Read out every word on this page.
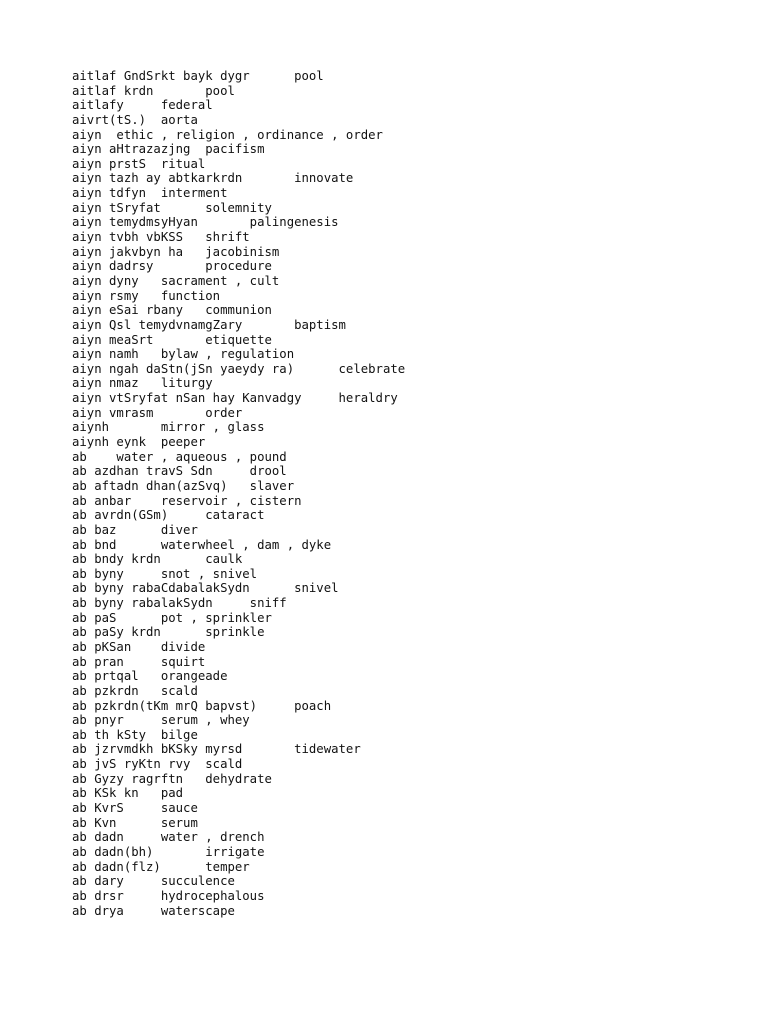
aitlaf GndSrkt bayk dygr      pool
aitlaf krdn       pool
aitlafy     federal
aivrt(tS.)  aorta
aiyn  ethic , religion , ordinance , order
aiyn aHtrazazjng  pacifism
aiyn prstS  ritual
aiyn tazh ay abtkarkrdn       innovate
aiyn tdfyn  interment
aiyn tSryfat      solemnity
aiyn temydmsyHyan       palingenesis
aiyn tvbh vbKSS   shrift
aiyn jakvbyn ha   jacobinism
aiyn dadrsy       procedure
aiyn dyny   sacrament , cult
aiyn rsmy   function
aiyn eSai rbany   communion
aiyn Qsl temydvnamgZary       baptism
aiyn meaSrt       etiquette
aiyn namh   bylaw , regulation
aiyn ngah daStn(jSn yaeydy ra)      celebrate
aiyn nmaz   liturgy
aiyn vtSryfat nSan hay Kanvadgy     heraldry
aiyn vmrasm       order
aiynh       mirror , glass
aiynh eynk  peeper
ab    water , aqueous , pound
ab azdhan travS Sdn     drool
ab aftadn dhan(azSvq)   slaver
ab anbar    reservoir , cistern
ab avrdn(GSm)     cataract
ab baz      diver
ab bnd      waterwheel , dam , dyke
ab bndy krdn      caulk
ab byny     snot , snivel
ab byny rabaCdabalakSydn      snivel
ab byny rabalakSydn     sniff
ab paS      pot , sprinkler
ab paSy krdn      sprinkle
ab pKSan    divide
ab pran     squirt
ab prtqal   orangeade
ab pzkrdn   scald
ab pzkrdn(tKm mrQ bapvst)     poach
ab pnyr     serum , whey
ab th kSty  bilge
ab jzrvmdkh bKSky myrsd       tidewater
ab jvS ryKtn rvy  scald
ab Gyzy ragrftn   dehydrate
ab KSk kn   pad
ab KvrS     sauce
ab Kvn      serum
ab dadn     water , drench
ab dadn(bh)       irrigate
ab dadn(flz)      temper
ab dary     succulence
ab drsr     hydrocephalous
ab drya     waterscape
